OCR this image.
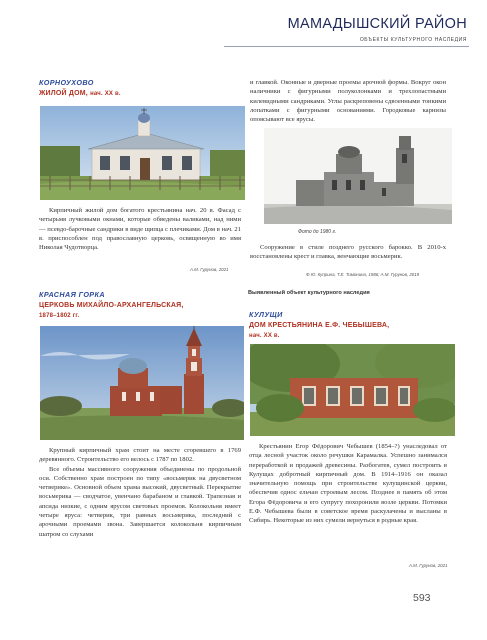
МАМАДЫШСКИЙ РАЙОН
ОБЪЕКТЫ КУЛЬТУРНОГО НАСЛЕДИЯ
КОРНОУХОВО
ЖИЛОЙ ДОМ, нач. XX в.

Кирпичный жилой дом богатого крестьянина нач. 20 в. Фасад с четырьмя лучковыми окнами, которые обведены валиками, над ними — псевдо-барочные сандрики в виде щипца с плечиками. Дом в нач. 21 в. приспособлен под православную церковь, освященную во имя Николая Чудотворца.

А.М. Гурунов, 2021
КРАСНАЯ ГОРКА
ЦЕРКОВЬ МИХАЙЛО-АРХАНГЕЛЬСКАЯ,
1878–1802 гг.

Крупный кирпичный храм стоит на месте сгоревшего в 1769 деревянного. Строительство его велось с 1787 по 1802.

Все объемы массивного сооружения объединены по продольной оси. Собственно храм построен по типу «восьмерик на двусветном четверике». Основной объем храма высокий, двусветный. Перекрытие восьмерика — сводчатое, увенчано барабаном и главкой. Трапезная и апсида низкие, с одним ярусом световых проемов. Колокольня имеет четыре яруса: четверик, три равных восьмерика, последний с арочными проемами звона. Завершается колокольня кирпичным шатром со слухами

и главкой. Оконные и дверные проемы арочной формы. Вокруг окон наличники с фигурными полуколонками и трехлопастными килевидными сандриками. Углы раскреповены сдвоенными тонкими лопатками с фигурными основаниями. Городковые карнизы опоясывают все ярусы.

Фото до 1980 г.

Сооружение в стиле позднего русского барокко. В 2010-х восстановлены крест и главка, венчающие восьмерик.

Ф.Ю. Куприна, Т.Е. Тимонина, 1986; А.М. Гурунов, 2019
Выявленный объект культурного наследия
КУЛУЩИ
ДОМ КРЕСТЬЯНИНА Е.Ф. ЧЕБЫШЕВА,
нач. XX в.

Крестьянин Егор Фёдорович Чебышев (1854–?) унаследовал от отца лесной участок около речушки Карамалка. Успешно занимался переработкой и продажей древесины. Разбогатев, сумел построить в Кулущах добротный кирпичный дом. В 1914–1916 он оказал значительную помощь при строительстве кулущинской церкви, обеспечив однос ельчан строевым лесом. Позднее в память об этом Егора Фёдоровича и его супругу похоронили возле церкви. Потомки Е.Ф. Чебышева были в советское время раскулачены и высланы в Сибирь. Некоторые из них сумели вернуться в родные края.

А.М. Гурунов, 2021
593
